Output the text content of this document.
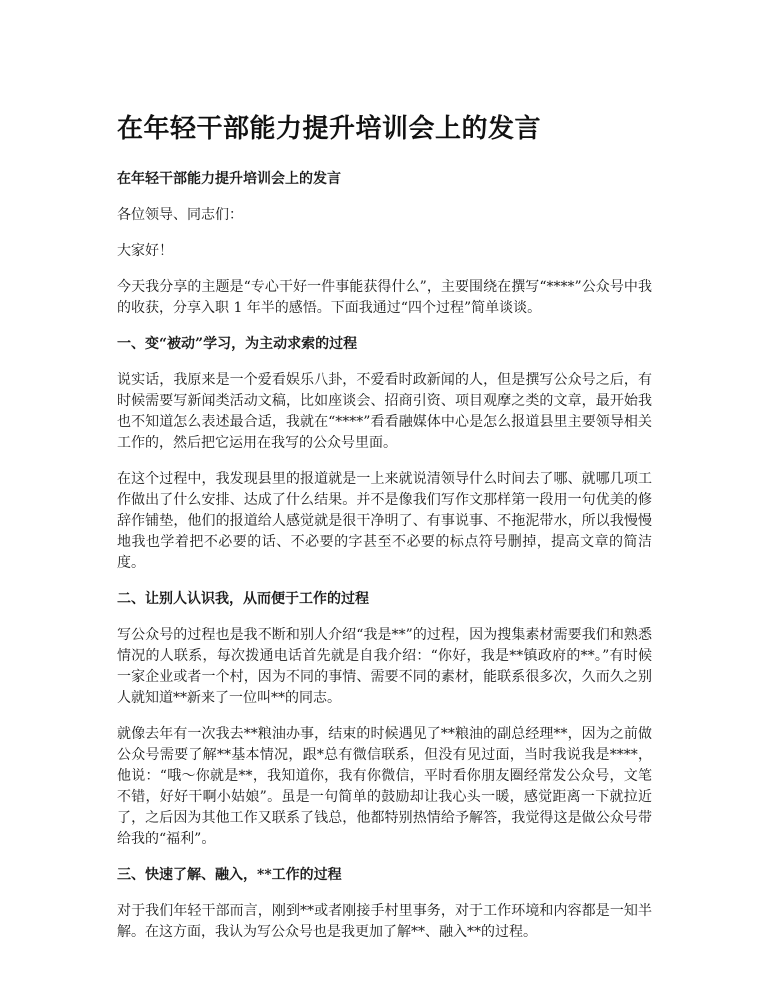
在年轻干部能力提升培训会上的发言

在年轻干部能力提升培训会上的发言

各位领导、同志们：

大家好！

今天我分享的主题是“专心干好一件事能获得什么”，主要围绕在撰写“****”公众号中我的收获，分享入职 1 年半的感悟。下面我通过“四个过程”简单谈谈。

一、变“被动”学习，为主动求索的过程

说实话，我原来是一个爱看娱乐八卦，不爱看时政新闻的人，但是撰写公众号之后，有时候需要写新闻类活动文稿，比如座谈会、招商引资、项目观摩之类的文章，最开始我也不知道怎么表述最合适，我就在“****”看看融媒体中心是怎么报道县里主要领导相关工作的，然后把它运用在我写的公众号里面。

在这个过程中，我发现县里的报道就是一上来就说清领导什么时间去了哪、就哪几项工作做出了什么安排、达成了什么结果。并不是像我们写作文那样第一段用一句优美的修辞作铺垫，他们的报道给人感觉就是很干净明了、有事说事、不拖泥带水，所以我慢慢地我也学着把不必要的话、不必要的字甚至不必要的标点符号删掉，提高文章的简洁度。

二、让别人认识我，从而便于工作的过程

写公众号的过程也是我不断和别人介绍“我是**”的过程，因为搜集素材需要我们和熟悉情况的人联系，每次拨通电话首先就是自我介绍：“你好，我是**镇政府的**。”有时候一家企业或者一个村，因为不同的事情、需要不同的素材，能联系很多次，久而久之别人就知道**新来了一位叫**的同志。

就像去年有一次我去**粮油办事，结束的时候遇见了**粮油的副总经理**，因为之前做公众号需要了解**基本情况，跟*总有微信联系，但没有见过面，当时我说我是****，他说：“哦～你就是**，我知道你，我有你微信，平时看你朋友圈经常发公众号，文笔不错，好好干啊小姑娘”。虽是一句简单的鼓励却让我心头一暖，感觉距离一下就拉近了，之后因为其他工作又联系了钱总，他都特别热情给予解答，我觉得这是做公众号带给我的“福利”。

三、快速了解、融入，**工作的过程

对于我们年轻干部而言，刚到**或者刚接手村里事务，对于工作环境和内容都是一知半解。在这方面，我认为写公众号也是我更加了解**、融入**的过程。
